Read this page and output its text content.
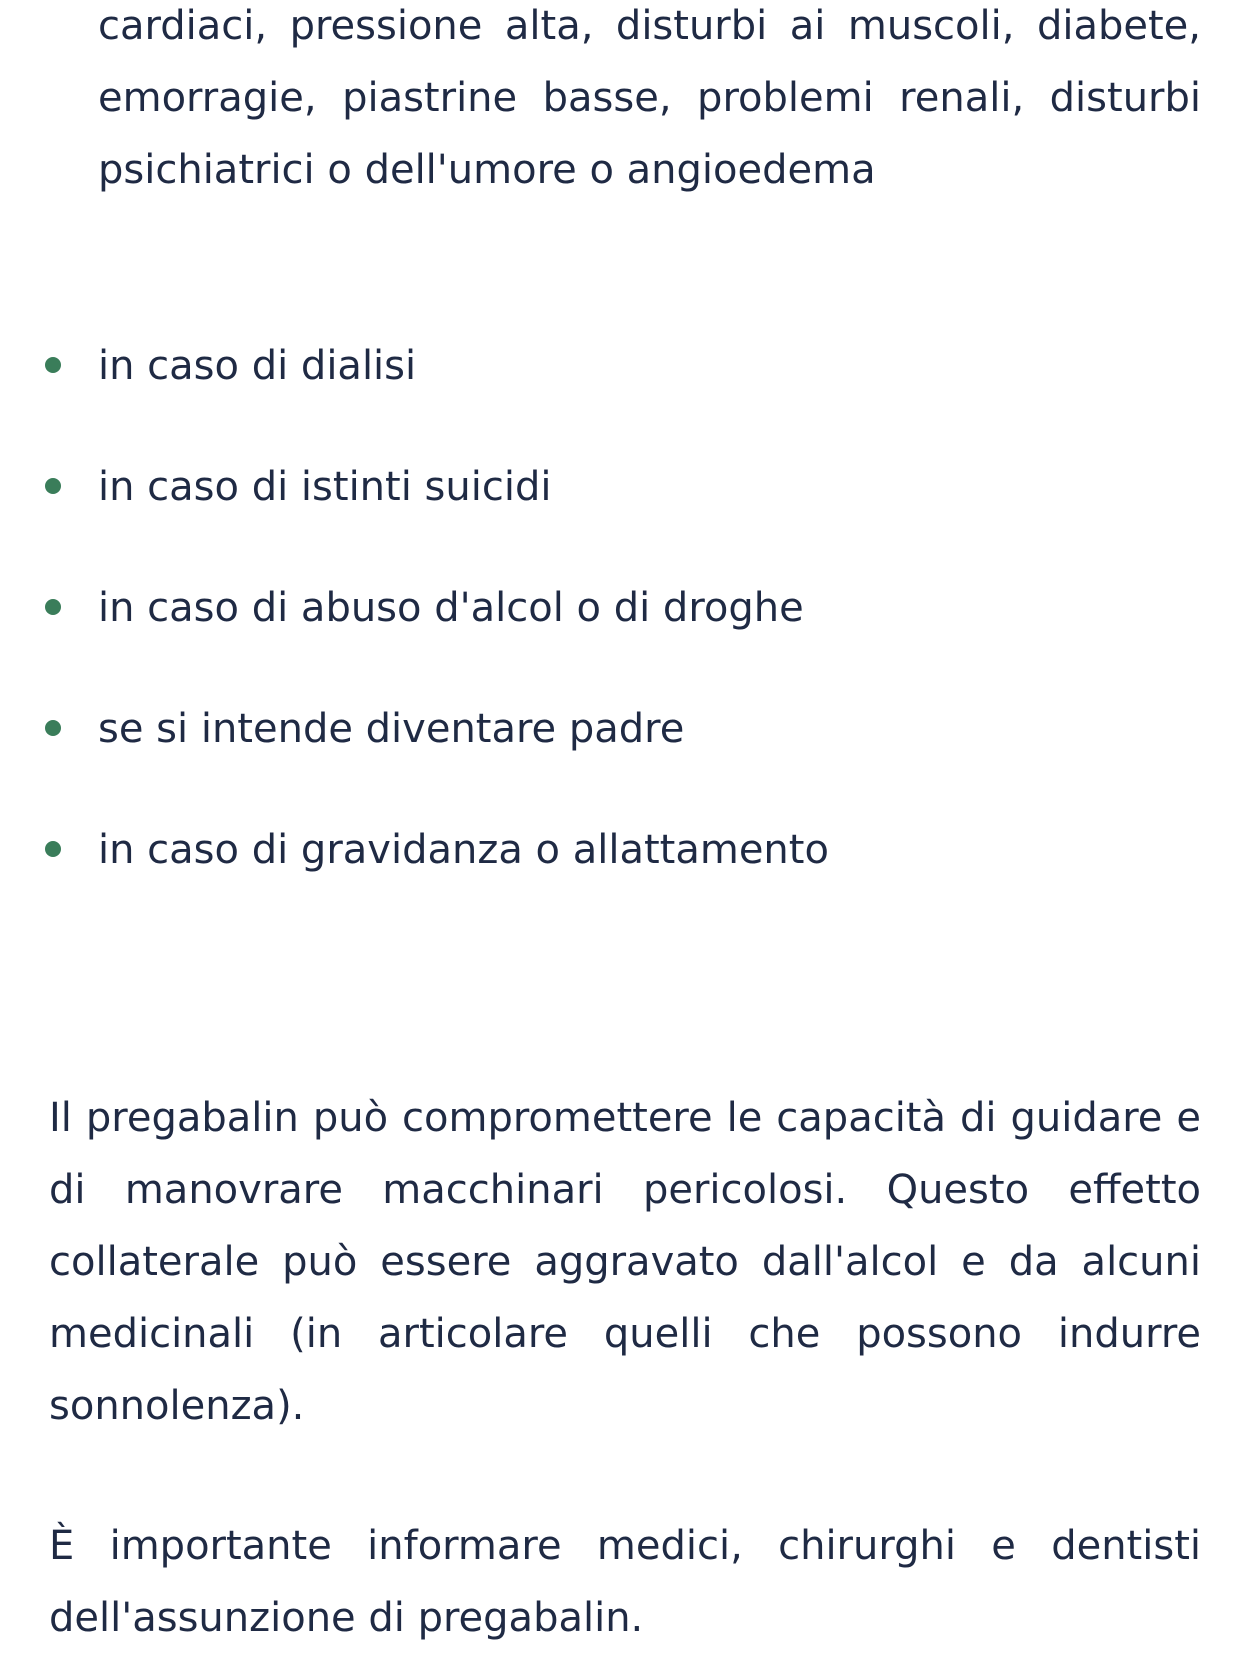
cardiaci, pressione alta, disturbi ai muscoli, diabete, emorragie, piastrine basse, problemi renali, disturbi psichiatrici o dell'umore o angioedema

in caso di dialisi
in caso di istinti suicidi
in caso di abuso d'alcol o di droghe
se si intende diventare padre
in caso di gravidanza o allattamento

Il pregabalin può compromettere le capacità di guidare e di manovrare macchinari pericolosi. Questo effetto collaterale può essere aggravato dall'alcol e da alcuni medicinali (in articolare quelli che possono indurre sonnolenza).

È importante informare medici, chirurghi e dentisti dell'assunzione di pregabalin.
